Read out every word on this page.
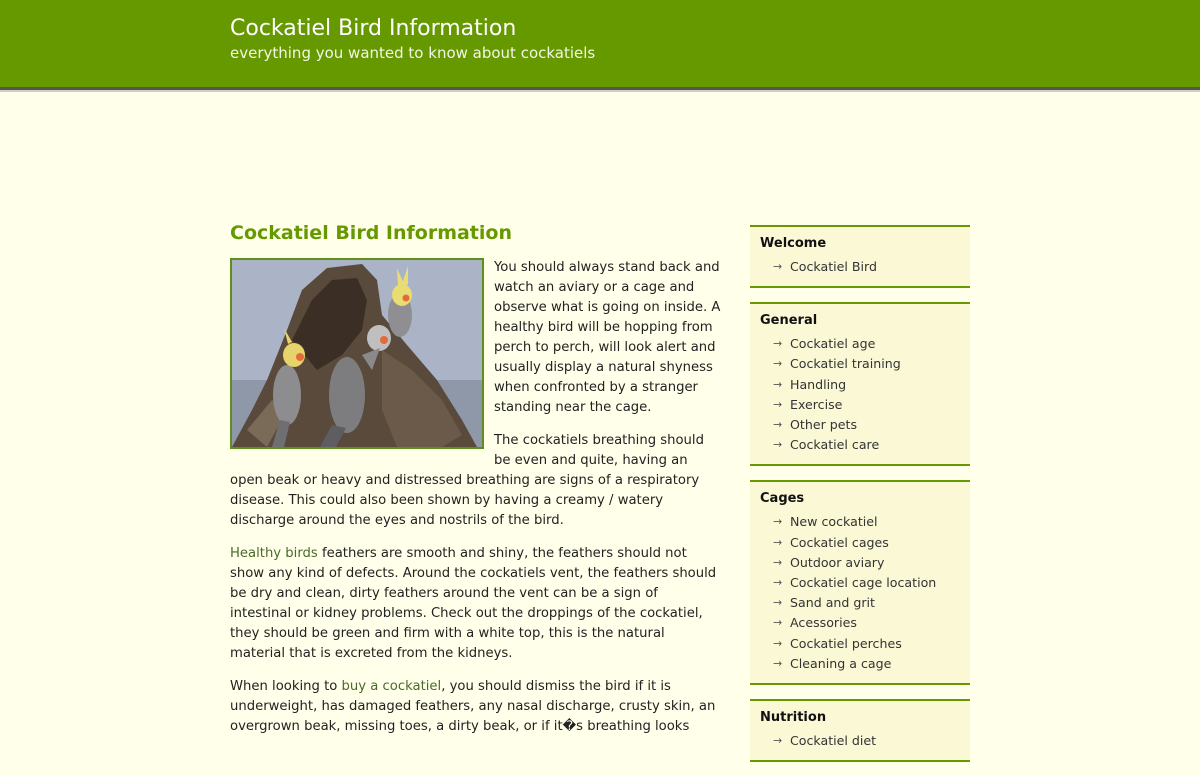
Cockatiel Bird Information
everything you wanted to know about cockatiels
Cockatiel Bird Information

You should always stand back and watch an aviary or a cage and observe what is going on inside. A healthy bird will be hopping from perch to perch, will look alert and usually display a natural shyness when confronted by a stranger standing near the cage.

The cockatiels breathing should be even and quite, having an open beak or heavy and distressed breathing are signs of a respiratory disease. This could also been shown by having a creamy / watery discharge around the eyes and nostrils of the bird.

Healthy birds feathers are smooth and shiny, the feathers should not show any kind of defects. Around the cockatiels vent, the feathers should be dry and clean, dirty feathers around the vent can be a sign of intestinal or kidney problems. Check out the droppings of the cockatiel, they should be green and firm with a white top, this is the natural material that is excreted from the kidneys.

When looking to buy a cockatiel, you should dismiss the bird if it is underweight, has damaged feathers, any nasal discharge, crusty skin, an overgrown beak, missing toes, a dirty beak, or if it�s breathing looks

Welcome
→ Cockatiel Bird
General
→ Cockatiel age
→ Cockatiel training
→ Handling
→ Exercise
→ Other pets
→ Cockatiel care
Cages
→ New cockatiel
→ Cockatiel cages
→ Outdoor aviary
→ Cockatiel cage location
→ Sand and grit
→ Acessories
→ Cockatiel perches
→ Cleaning a cage
Nutrition
→ Cockatiel diet
